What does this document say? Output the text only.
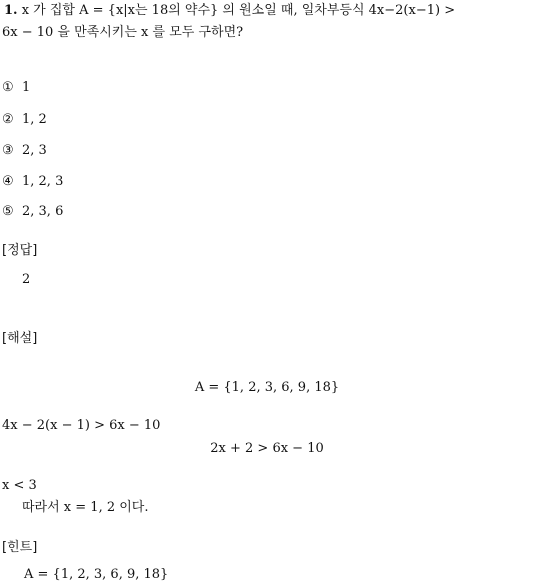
1. x 가 집합 A = {x|x는 18의 약수} 의 원소일 때, 일차부등식 4x−2(x−1) >
6x − 10 을 만족시키는 x 를 모두 구하면?
① 1
② 1, 2
③ 2, 3
④ 1, 2, 3
⑤ 2, 3, 6
[정답]
2
[해설]
A = {1, 2, 3, 6, 9, 18}
4x − 2(x − 1) > 6x − 10
2x + 2 > 6x − 10
x < 3
따라서 x = 1, 2 이다.
[힌트]
A = {1, 2, 3, 6, 9, 18}
